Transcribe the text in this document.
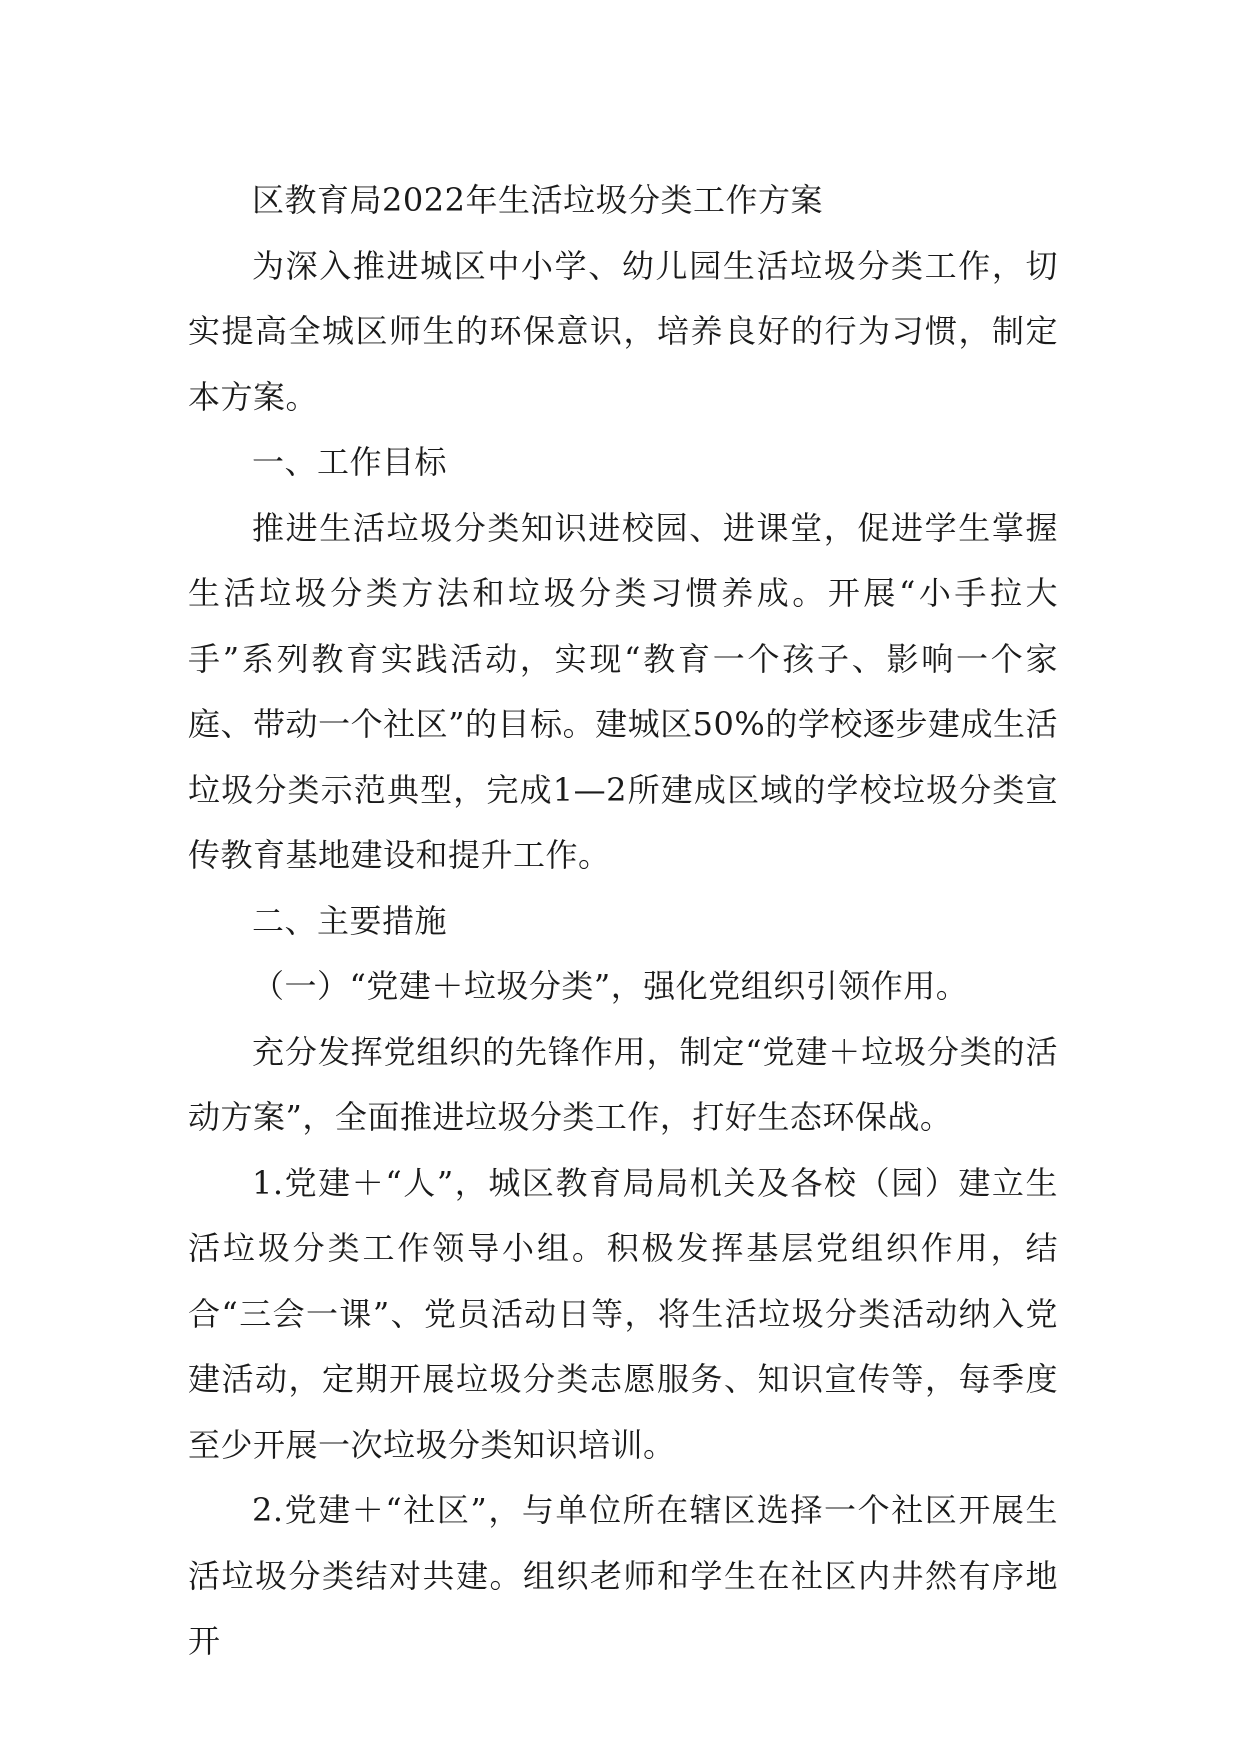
区教育局2022年生活垃圾分类工作方案

为深入推进城区中小学、幼儿园生活垃圾分类工作，切实提高全城区师生的环保意识，培养良好的行为习惯，制定本方案。

一、工作目标

推进生活垃圾分类知识进校园、进课堂，促进学生掌握生活垃圾分类方法和垃圾分类习惯养成。开展“小手拉大手”系列教育实践活动，实现“教育一个孩子、影响一个家庭、带动一个社区”的目标。建城区50%的学校逐步建成生活垃圾分类示范典型，完成1—2所建成区域的学校垃圾分类宣传教育基地建设和提升工作。

二、主要措施

（一）“党建＋垃圾分类”，强化党组织引领作用。

充分发挥党组织的先锋作用，制定“党建＋垃圾分类的活动方案”，全面推进垃圾分类工作，打好生态环保战。

1.党建＋“人”，城区教育局局机关及各校（园）建立生活垃圾分类工作领导小组。积极发挥基层党组织作用，结合“三会一课”、党员活动日等，将生活垃圾分类活动纳入党建活动，定期开展垃圾分类志愿服务、知识宣传等，每季度至少开展一次垃圾分类知识培训。

2.党建＋“社区”，与单位所在辖区选择一个社区开展生活垃圾分类结对共建。组织老师和学生在社区内井然有序地开
